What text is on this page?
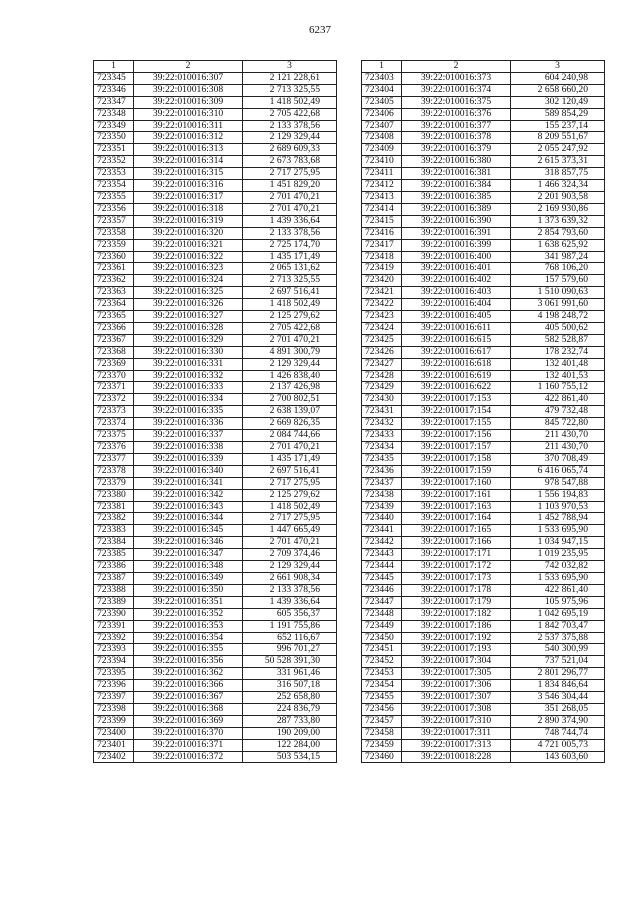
6237
1	2	3
723345	39:22:010016:307	2 121 228,61
723346	39:22:010016:308	2 713 325,55
723347	39:22:010016:309	1 418 502,49
723348	39:22:010016:310	2 705 422,68
723349	39:22:010016:311	2 133 378,56
723350	39:22:010016:312	2 129 329,44
723351	39:22:010016:313	2 689 609,33
723352	39:22:010016:314	2 673 783,68
723353	39:22:010016:315	2 717 275,95
723354	39:22:010016:316	1 451 829,20
723355	39:22:010016:317	2 701 470,21
723356	39:22:010016:318	2 701 470,21
723357	39:22:010016:319	1 439 336,64
723358	39:22:010016:320	2 133 378,56
723359	39:22:010016:321	2 725 174,70
723360	39:22:010016:322	1 435 171,49
723361	39:22:010016:323	2 065 131,62
723362	39:22:010016:324	2 713 325,55
723363	39:22:010016:325	2 697 516,41
723364	39:22:010016:326	1 418 502,49
723365	39:22:010016:327	2 125 279,62
723366	39:22:010016:328	2 705 422,68
723367	39:22:010016:329	2 701 470,21
723368	39:22:010016:330	4 891 300,79
723369	39:22:010016:331	2 129 329,44
723370	39:22:010016:332	1 426 838,40
723371	39:22:010016:333	2 137 426,98
723372	39:22:010016:334	2 700 802,51
723373	39:22:010016:335	2 638 139,07
723374	39:22:010016:336	2 669 826,35
723375	39:22:010016:337	2 084 744,66
723376	39:22:010016:338	2 701 470,21
723377	39:22:010016:339	1 435 171,49
723378	39:22:010016:340	2 697 516,41
723379	39:22:010016:341	2 717 275,95
723380	39:22:010016:342	2 125 279,62
723381	39:22:010016:343	1 418 502,49
723382	39:22:010016:344	2 717 275,95
723383	39:22:010016:345	1 447 665,49
723384	39:22:010016:346	2 701 470,21
723385	39:22:010016:347	2 709 374,46
723386	39:22:010016:348	2 129 329,44
723387	39:22:010016:349	2 661 908,34
723388	39:22:010016:350	2 133 378,56
723389	39:22:010016:351	1 439 336,64
723390	39:22:010016:352	605 356,37
723391	39:22:010016:353	1 191 755,86
723392	39:22:010016:354	652 116,67
723393	39:22:010016:355	996 701,27
723394	39:22:010016:356	50 528 391,30
723395	39:22:010016:362	331 961,46
723396	39:22:010016:366	316 507,18
723397	39:22:010016:367	252 658,80
723398	39:22:010016:368	224 836,79
723399	39:22:010016:369	287 733,80
723400	39:22:010016:370	190 209,00
723401	39:22:010016:371	122 284,00
723402	39:22:010016:372	503 534,15
1	2	3
723403	39:22:010016:373	604 240,98
723404	39:22:010016:374	2 658 660,20
723405	39:22:010016:375	302 120,49
723406	39:22:010016:376	589 854,29
723407	39:22:010016:377	155 237,14
723408	39:22:010016:378	8 209 551,67
723409	39:22:010016:379	2 055 247,92
723410	39:22:010016:380	2 615 373,31
723411	39:22:010016:381	318 857,75
723412	39:22:010016:384	1 466 324,34
723413	39:22:010016:385	2 201 903,58
723414	39:22:010016:389	2 169 930,86
723415	39:22:010016:390	1 373 639,32
723416	39:22:010016:391	2 854 793,60
723417	39:22:010016:399	1 638 625,92
723418	39:22:010016:400	341 987,24
723419	39:22:010016:401	768 106,20
723420	39:22:010016:402	157 579,60
723421	39:22:010016:403	1 510 090,63
723422	39:22:010016:404	3 061 991,60
723423	39:22:010016:405	4 198 248,72
723424	39:22:010016:611	405 500,62
723425	39:22:010016:615	582 528,87
723426	39:22:010016:617	178 232,74
723427	39:22:010016:618	132 401,48
723428	39:22:010016:619	132 401,53
723429	39:22:010016:622	1 160 755,12
723430	39:22:010017:153	422 861,40
723431	39:22:010017:154	479 732,48
723432	39:22:010017:155	845 722,80
723433	39:22:010017:156	211 430,70
723434	39:22:010017:157	211 430,70
723435	39:22:010017:158	370 708,49
723436	39:22:010017:159	6 416 065,74
723437	39:22:010017:160	978 547,88
723438	39:22:010017:161	1 556 194,83
723439	39:22:010017:163	1 103 970,53
723440	39:22:010017:164	1 452 788,94
723441	39:22:010017:165	1 533 695,90
723442	39:22:010017:166	1 034 947,15
723443	39:22:010017:171	1 019 235,95
723444	39:22:010017:172	742 032,82
723445	39:22:010017:173	1 533 695,90
723446	39:22:010017:178	422 861,40
723447	39:22:010017:179	105 975,96
723448	39:22:010017:182	1 042 695,19
723449	39:22:010017:186	1 842 703,47
723450	39:22:010017:192	2 537 375,88
723451	39:22:010017:193	540 300,99
723452	39:22:010017:304	737 521,04
723453	39:22:010017:305	2 801 296,77
723454	39:22:010017:306	1 834 846,64
723455	39:22:010017:307	3 546 304,44
723456	39:22:010017:308	351 268,05
723457	39:22:010017:310	2 890 374,90
723458	39:22:010017:311	748 744,74
723459	39:22:010017:313	4 721 005,73
723460	39:22:010018:228	143 603,60
